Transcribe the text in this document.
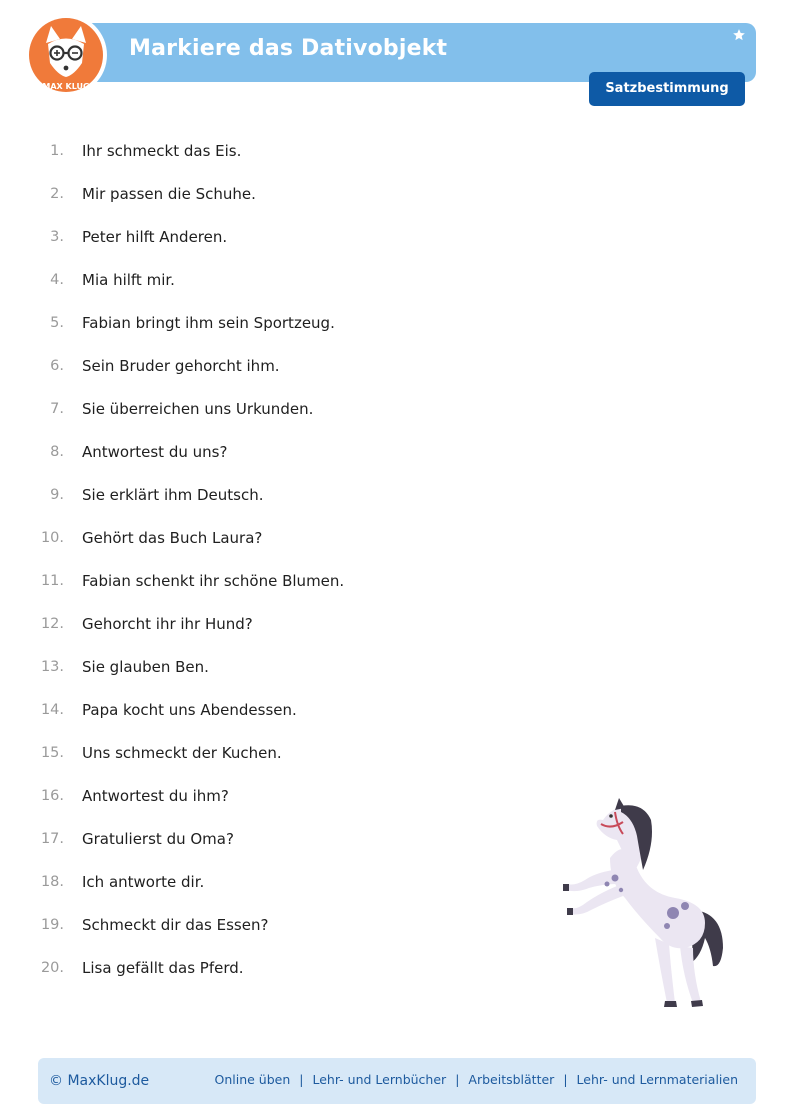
Markiere das Dativobjekt
MAX KLUG	Satzbestimmung
1. Ihr schmeckt das Eis.
2. Mir passen die Schuhe.
3. Peter hilft Anderen.
4. Mia hilft mir.
5. Fabian bringt ihm sein Sportzeug.
6. Sein Bruder gehorcht ihm.
7. Sie überreichen uns Urkunden.
8. Antwortest du uns?
9. Sie erklärt ihm Deutsch.
10. Gehört das Buch Laura?
11. Fabian schenkt ihr schöne Blumen.
12. Gehorcht ihr ihr Hund?
13. Sie glauben Ben.
14. Papa kocht uns Abendessen.
15. Uns schmeckt der Kuchen.
16. Antwortest du ihm?
17. Gratulierst du Oma?
18. Ich antworte dir.
19. Schmeckt dir das Essen?
20. Lisa gefällt das Pferd.
© MaxKlug.de	Online üben | Lehr- und Lernbücher | Arbeitsblätter | Lehr- und Lernmaterialien
